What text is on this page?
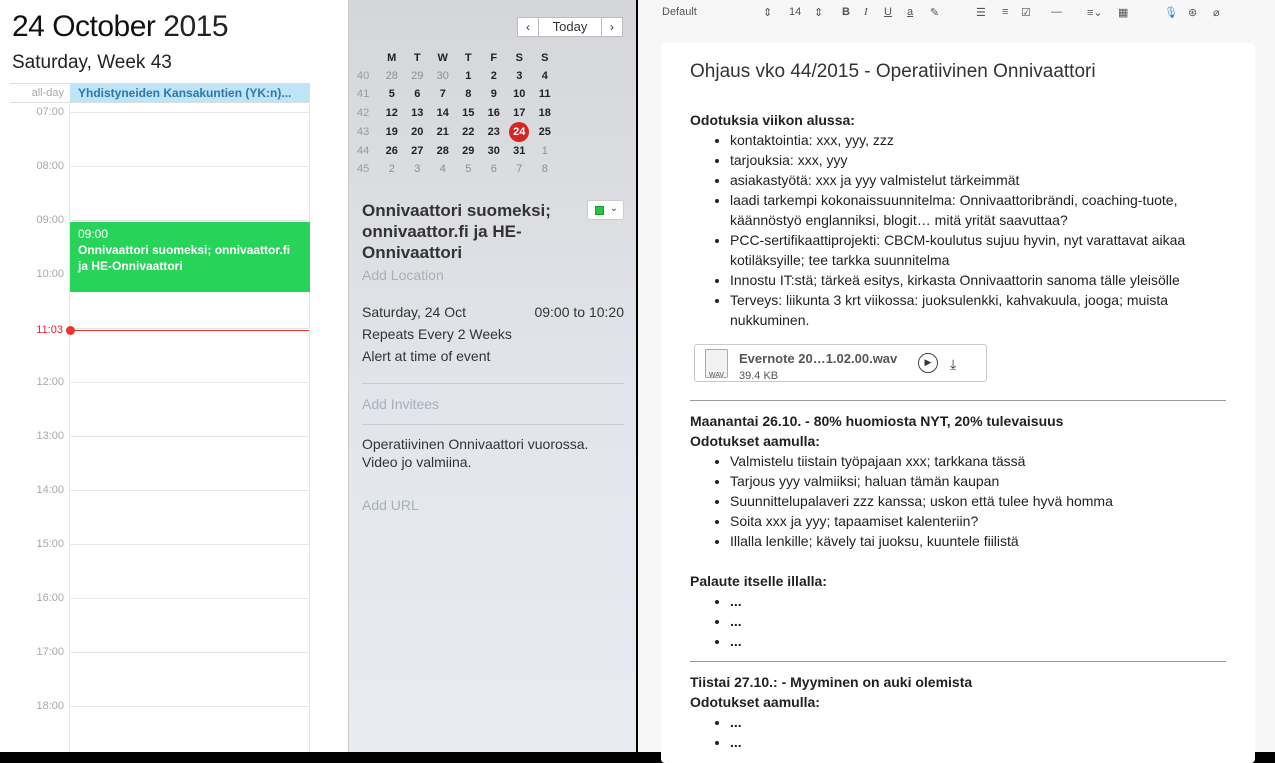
24 October 2015
Saturday, Week 43
all-day	Yhdistyneiden Kansakuntien (YK:n)...
07:00
08:00
09:00
10:00
12:00
13:00
14:00
15:00
16:00
17:00
18:00
09:00
Onnivaattori suomeksi; onnivaattor.fi ja HE-Onnivaattori
11:03
‹	Today	›
	M	T	W	T	F	S	S
40	28	29	30	1	2	3	4
41	5	6	7	8	9	10	11
42	12	13	14	15	16	17	18
43	19	20	21	22	23	24	25
44	26	27	28	29	30	31	1
45	2	3	4	5	6	7	8
Onnivaattori suomeksi; onnivaattor.fi ja HE-Onnivaattori
⌄
Add Location
Saturday, 24 Oct	09:00 to 10:20
Repeats Every 2 Weeks
Alert at time of event
Add Invitees
Operatiivinen Onnivaattori vuorossa. Video jo valmiina.
Add URL
Default	⇕ 14 ⇕ B I U a ✎	☰ ≡ ☑ — ≡⌄ ▦	🎙︎ ⊛ ⌀
Ohjaus vko 44/2015 - Operatiivinen Onnivaattori
Odotuksia viikon alussa:
• kontaktointia: xxx, yyy, zzz
• tarjouksia: xxx, yyy
• asiakastyötä: xxx ja yyy valmistelut tärkeimmät
• laadi tarkempi kokonaissuunnitelma: Onnivaattoribrändi, coaching-tuote, käännöstyö englanniksi, blogit… mitä yrität saavuttaa?
• PCC-sertifikaattiprojekti: CBCM-koulutus sujuu hyvin, nyt varattavat aikaa kotiläksyille; tee tarkka suunnitelma
• Innostu IT:stä; tärkeä esitys, kirkasta Onnivaattorin sanoma tälle yleisölle
• Terveys: liikunta 3 krt viikossa: juoksulenkki, kahvakuula, jooga; muista nukkuminen.
WAV
Evernote 20…1.02.00.wav
39.4 KB
▶	⤓
Maanantai 26.10. - 80% huomiosta NYT, 20% tulevaisuus
Odotukset aamulla:
• Valmistelu tiistain työpajaan xxx; tarkkana tässä
• Tarjous yyy valmiiksi; haluan tämän kaupan
• Suunnittelupalaveri zzz kanssa; uskon että tulee hyvä homma
• Soita xxx ja yyy; tapaamiset kalenteriin?
• Illalla lenkille; kävely tai juoksu, kuuntele fiilistä
Palaute itselle illalla:
• ...
• ...
• ...
Tiistai 27.10.: - Myyminen on auki olemista
Odotukset aamulla:
• ...
• ...
